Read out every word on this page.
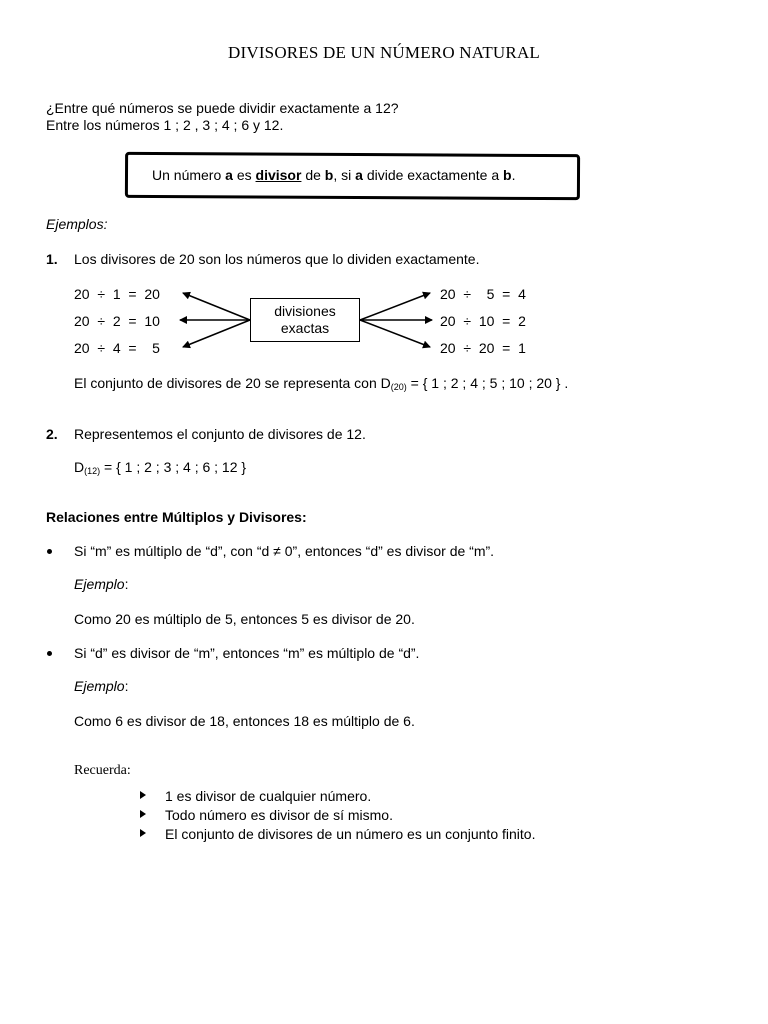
DIVISORES DE UN NÚMERO NATURAL
¿Entre qué números se puede dividir exactamente a 12?
Entre los números 1 ; 2 , 3 ; 4 ; 6 y 12.
Un número a es divisor de b, si a divide exactamente a b.
Ejemplos:
1. Los divisores de 20 son los números que lo dividen exactamente.
20  ÷  1  =  20
20  ÷  2  =  10
20  ÷  4  =    5
20  ÷    5  =  4
20  ÷  10  =  2
20  ÷  20  =  1
divisiones
exactas
El conjunto de divisores de 20 se representa con $D_{(20)}$ = { 1 ; 2 ; 4 ; 5 ; 10 ; 20 } .
2. Representemos el conjunto de divisores de 12.
$D_{(12)}$ = { 1 ; 2 ; 3 ; 4 ; 6 ; 12 }
Relaciones entre Múltiplos y Divisores:
Si “m” es múltiplo de “d”, con “d ≠ 0”, entonces “d” es divisor de “m”.
Ejemplo:
Como 20 es múltiplo de 5, entonces 5 es divisor de 20.
Si “d” es divisor de “m”, entonces “m” es múltiplo de “d”.
Ejemplo:
Como 6 es divisor de 18, entonces 18 es múltiplo de 6.
Recuerda:
1 es divisor de cualquier número.
Todo número es divisor de sí mismo.
El conjunto de divisores de un número es un conjunto finito.
